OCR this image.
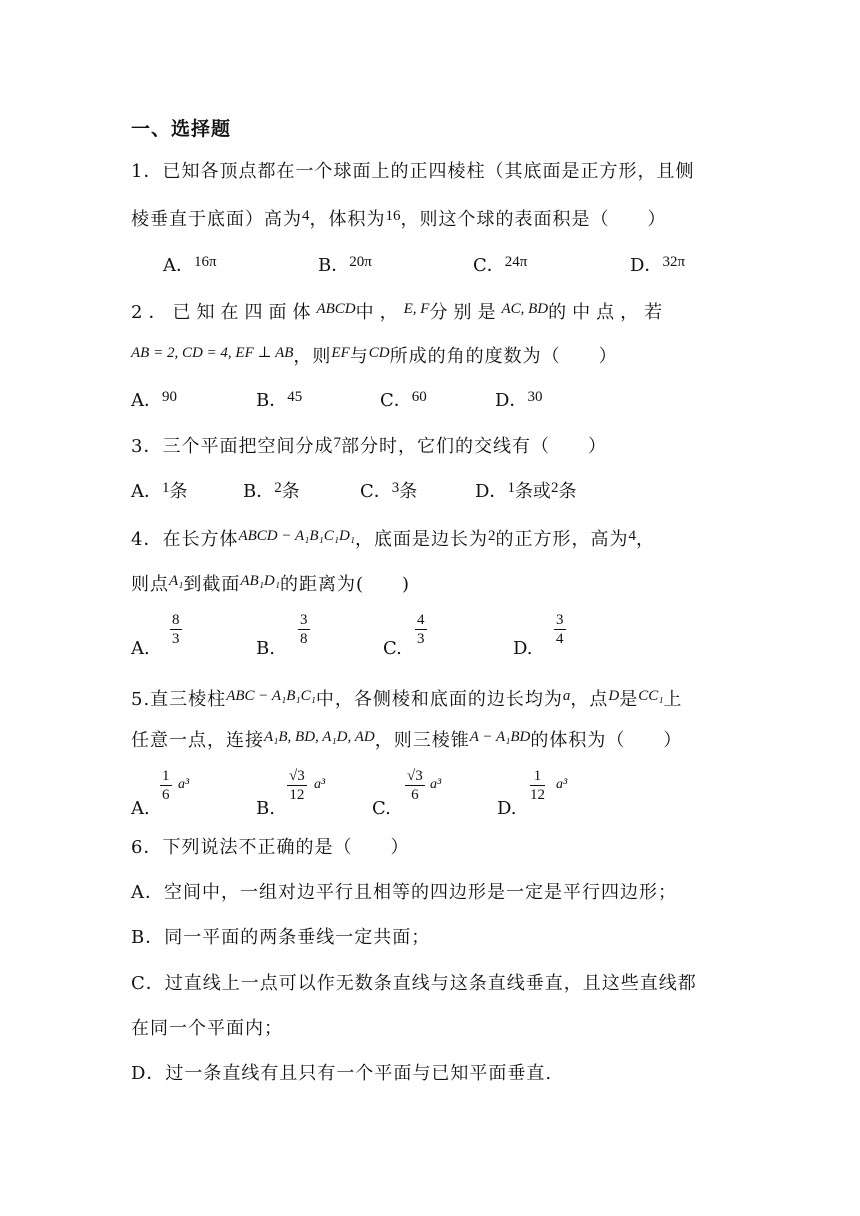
一、选择题
1．已知各顶点都在一个球面上的正四棱柱（其底面是正方形，且侧
棱垂直于底面）高为$^4$，体积为$^{16}$，则这个球的表面积是（　　）
A．$^{16\pi}$	B．$^{20\pi}$	C．$^{24\pi}$	D．$^{32\pi}$
2．已知在四面体$^{ABCD}$中，$^{E, F}$分别是$^{AC, BD}$的中点，若
$^{AB = 2, CD = 4, EF \perp AB}$，则$^{EF}$与$^{CD}$所成的角的度数为（　　）
A．$^{90}$	B．$^{45}$	C．$^{60}$	D．$^{30}$
3．三个平面把空间分成$^7$部分时，它们的交线有（　　）
A．$^1$条	B．$^2$条	C．$^3$条	D．$^1$条或$^2$条
4．在长方体$^{ABCD - A_1B_1C_1D_1}$，底面是边长为$^2$的正方形，高为$^4$，
则点$^{A_1}$到截面$^{AB_1D_1}$的距离为(　　)
A.
$\frac{8}{3}$
B.
$\frac{3}{8}$
C.
$\frac{4}{3}$
D.
$\frac{3}{4}$
5.直三棱柱$^{ABC - A_1B_1C_1}$中，各侧棱和底面的边长均为$^a$，点$^D$是$^{CC_1}$上
任意一点，连接$^{A_1B, BD, A_1D, AD}$，则三棱锥$^{A - A_1BD}$的体积为（　　）
A.
$\frac{1}{6} a^3$
B.
$\frac{√3}{12} a^3$
C.
$\frac{√3}{6} a^3$
D.
$\frac{1}{12} a^3$
6．下列说法不正确的是（　　）
A．空间中，一组对边平行且相等的四边形是一定是平行四边形；
B．同一平面的两条垂线一定共面；
C．过直线上一点可以作无数条直线与这条直线垂直，且这些直线都
在同一个平面内；
D．过一条直线有且只有一个平面与已知平面垂直.
